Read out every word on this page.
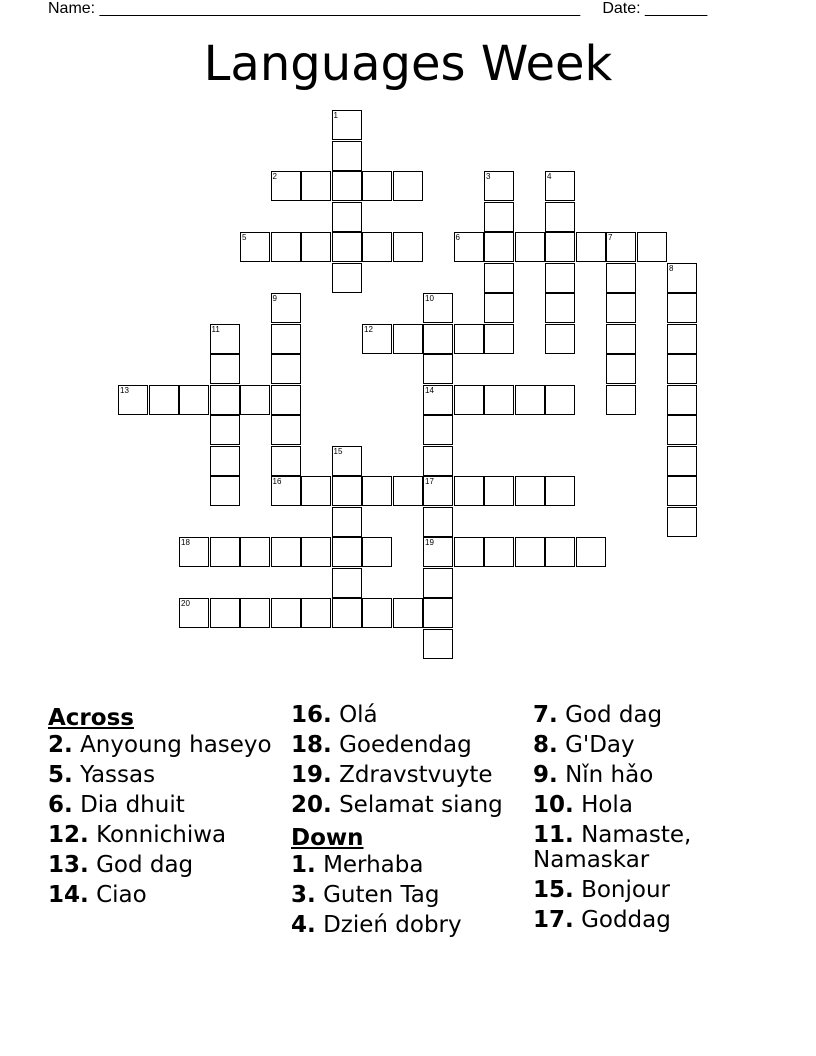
Name: ______________________________________________________ Date: _______
Languages Week
1
2	3	4
5	6	7
8
9	10
14
11	12
13
15
16	17
19
18
20
Across
2. Anyoung haseyo
5. Yassas
6. Dia dhuit
12. Konnichiwa
13. God dag
14. Ciao
16. Olá
18. Goedendag
19. Zdravstvuyte
20. Selamat siang
Down
1. Merhaba
3. Guten Tag
4. Dzień dobry
7. God dag
8. G'Day
9. Nǐn hǎo
10. Hola
11. Namaste, Namaskar
15. Bonjour
17. Goddag
